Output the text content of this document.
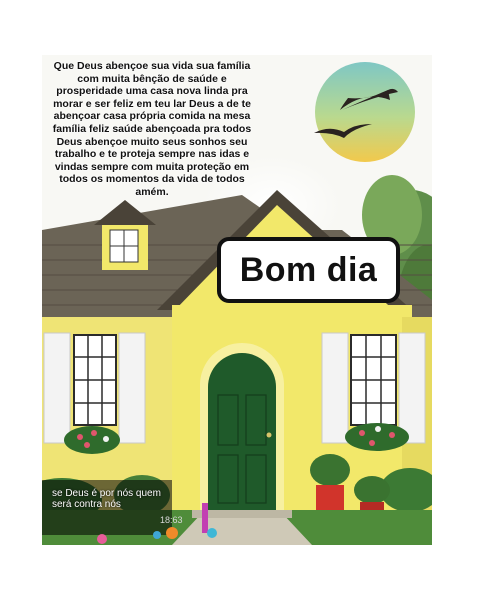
Que Deus abençoe sua vida sua família com muita bênção de saúde e prosperidade uma casa nova linda pra morar e ser feliz em teu lar Deus a de te abençoar casa própria comida na mesa família feliz saúde abençoada pra todos Deus abençoe muito seus sonhos seu trabalho e te proteja sempre nas idas e vindas sempre com muita proteção em todos os momentos da vida de todos amém.

Bom dia

se Deus é por nós quem será contra nós

18:63
